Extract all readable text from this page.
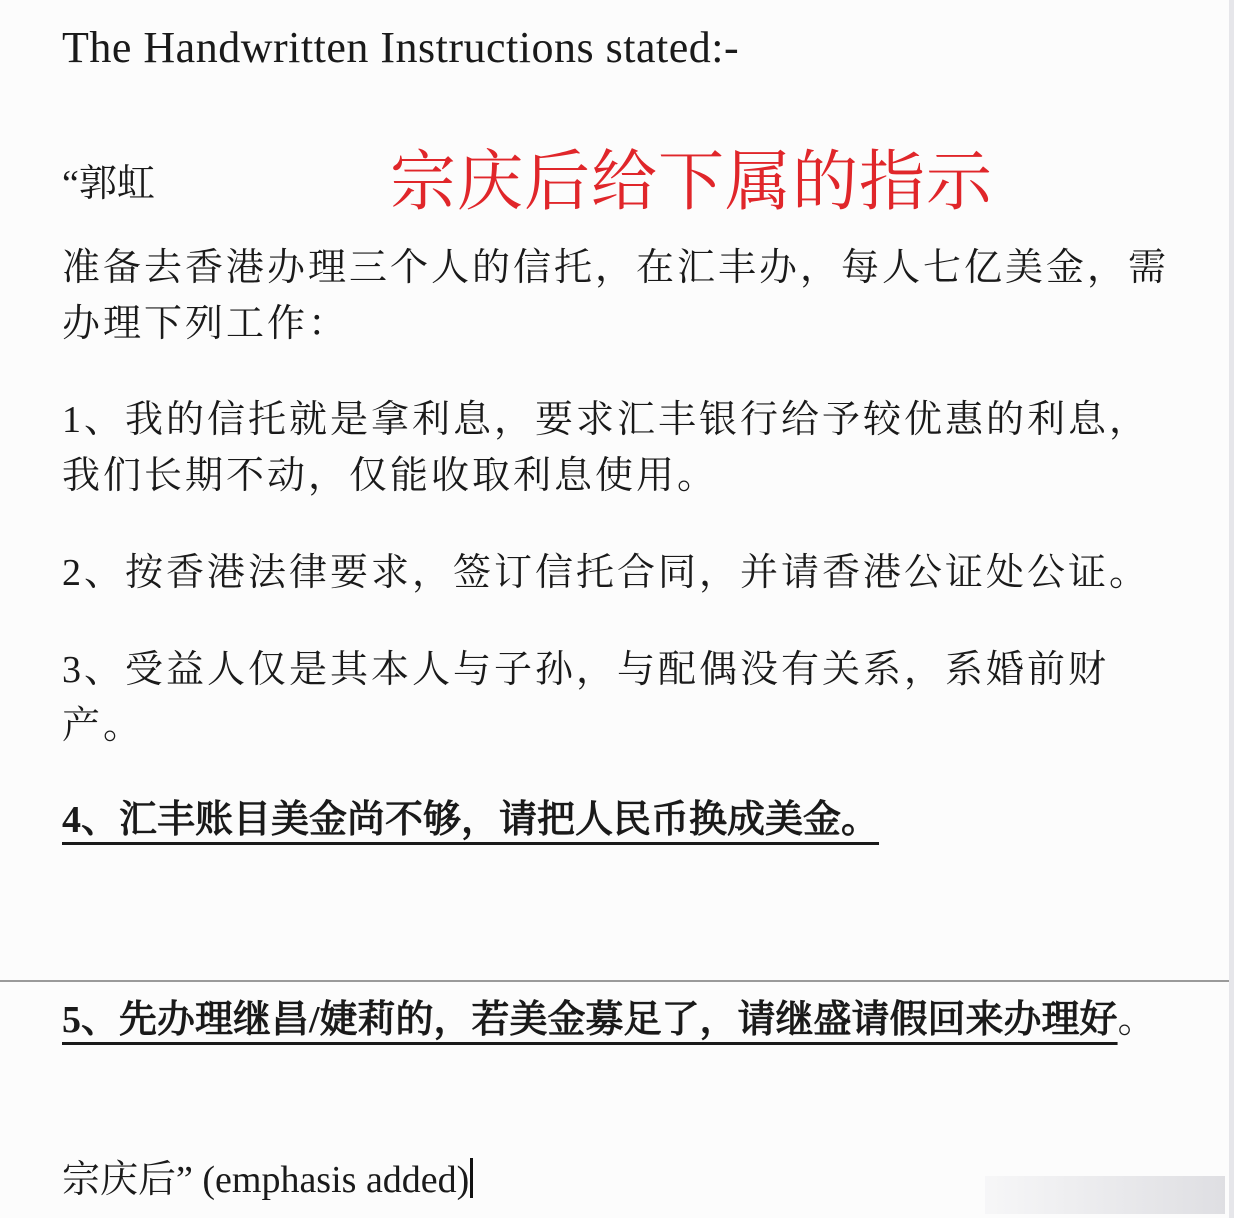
The Handwritten Instructions stated:-
“郭虹	宗庆后给下属的指示
准备去香港办理三个人的信托，在汇丰办，每人七亿美金，需办理下列工作：
1、我的信托就是拿利息，要求汇丰银行给予较优惠的利息，我们长期不动，仅能收取利息使用。
2、按香港法律要求，签订信托合同，并请香港公证处公证。
3、受益人仅是其本人与子孙，与配偶没有关系，系婚前财产。
4、汇丰账目美金尚不够，请把人民币换成美金。
5、先办理继昌/婕莉的，若美金募足了，请继盛请假回来办理好。
宗庆后” (emphasis added)
